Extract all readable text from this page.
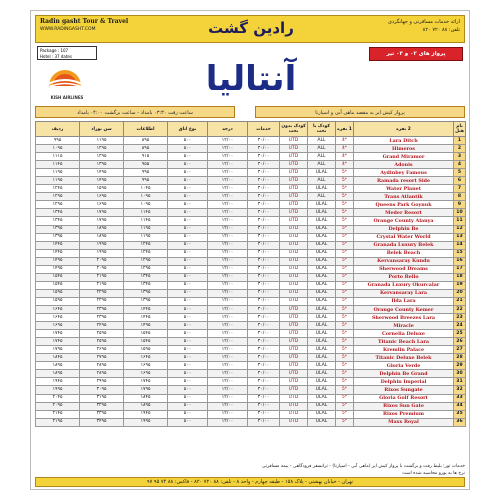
Radin gasht Tour & Travel
WWW.RADINGASHT.COM	رادین گشت	ارائه خدمات مسافرتی و جهانگردی
تلفن: ۸۸ ۷۲۰ ۸۲۰
Package : 107
Hotel : 37 dates
KISH AIRLINES
پرواز های ۰۲ و ۰۳ تیر
آنتالیا
ساعت رفت ۰۳:۳۰ بامداد - ساعت برگشت ۰۴:۰۰ بامداد	پرواز کیش ایر به مقصد ماهی آبی و اسپارتا
ردیف	سن نوزاد	اطلاعات	نوع اتاق	درجه	خدمات	کودک بدون تخت	کودک با تخت	1 نفره	2 نفره	نام هتل
۹۹۵	۱۱۹۵	۸۹۵	۵۰۰	۱۲/۰۰	۳۰/۰۰	UTD	ALL	4*	Lara Ditch	1
۱۰۹۵	۱۲۹۵	۸۹۵	۵۰۰	۱۲/۰۰	۳۰/۰۰	UTD	ALL	4*	Himeros	2
۱۱۱۵	۱۲۹۵	۹۱۵	۵۰۰	۱۲/۰۰	۳۰/۰۰	UTD	ALL	4*	Grand Miramor	3
۱۱۴۵	۱۳۹۵	۹۵۵	۵۰۰	۱۲/۰۰	۳۰/۰۰	UTD	ALL	4*	Adonis	4
۱۱۹۵	۱۴۹۵	۹۹۵	۵۰۰	۱۲/۰۰	۳۰/۰۰	UTD	ULAL	5*	Aydinbey Famous	5
۱۱۹۵	۱۴۹۵	۹۹۵	۵۰۰	۱۲/۰۰	۳۰/۰۰	UTD	ALL	5*	Ramada resort Side	6
۱۲۴۵	۱۵۹۵	۱۰۴۵	۵۰۰	۱۲/۰۰	۳۰/۰۰	UTD	ULAL	5*	Water Planet	7
۱۲۹۵	۱۶۹۵	۱۰۹۵	۵۰۰	۱۲/۰۰	۳۰/۰۰	UTD	ALL	5*	Trans Atlantik	8
۱۲۹۵	۱۶۹۵	۱۰۹۵	۵۰۰	۱۲/۰۰	۳۰/۰۰	UTD	ULAL	5*	Queens Park Goynuk	9
۱۳۴۵	۱۷۹۵	۱۱۴۵	۵۰۰	۱۲/۰۰	۳۰/۰۰	UTD	ULAL	5*	Meder Resort	10
۱۳۴۵	۱۷۹۵	۱۱۴۵	۵۰۰	۱۲/۰۰	۳۰/۰۰	UTD	ULAL	5*	Orange County Alanya	11
۱۳۹۵	۱۸۹۵	۱۱۹۵	۵۰۰	۱۲/۰۰	۳۰/۰۰	UTD	ULAL	5*	Delphin Be	12
۱۳۹۵	۱۸۹۵	۱۱۹۵	۵۰۰	۱۲/۰۰	۳۰/۰۰	UTD	ULAL	5*	Crystal Water World	13
۱۴۴۵	۱۹۹۵	۱۲۴۵	۵۰۰	۱۲/۰۰	۳۰/۰۰	UTD	ULAL	5*	Granada Luxury Belek	14
۱۴۴۵	۱۹۹۵	۱۲۴۵	۵۰۰	۱۲/۰۰	۳۰/۰۰	UTD	ULAL	5*	Belek Beach	15
۱۴۹۵	۲۰۹۵	۱۲۹۵	۵۰۰	۱۲/۰۰	۳۰/۰۰	UTD	ULAL	5*	Kervansaray Kundu	16
۱۴۹۵	۲۰۹۵	۱۲۹۵	۵۰۰	۱۲/۰۰	۳۰/۰۰	UTD	ULAL	5*	Sherwood Dreams	17
۱۵۴۵	۲۱۹۵	۱۳۴۵	۵۰۰	۱۲/۰۰	۳۰/۰۰	UTD	ULAL	5*	Porto Bello	18
۱۵۴۵	۲۱۹۵	۱۳۴۵	۵۰۰	۱۲/۰۰	۳۰/۰۰	UTD	ULAL	5*	Granada Luxury Okurcalar	19
۱۵۹۵	۲۲۹۵	۱۳۹۵	۵۰۰	۱۲/۰۰	۳۰/۰۰	UTD	ULAL	5*	Kervansaray Lara	20
۱۵۹۵	۲۲۹۵	۱۳۹۵	۵۰۰	۱۲/۰۰	۳۰/۰۰	UTD	ULAL	5*	Ilda Lara	21
۱۶۴۵	۲۳۹۵	۱۴۴۵	۵۰۰	۱۲/۰۰	۳۰/۰۰	UTD	ULAL	5*	Orange County Kemer	22
۱۶۴۵	۲۳۹۵	۱۴۴۵	۵۰۰	۱۲/۰۰	۳۰/۰۰	UTD	ULAL	5*	Sherwood Breezes Lara	23
۱۶۹۵	۲۴۹۵	۱۴۹۵	۵۰۰	۱۲/۰۰	۳۰/۰۰	UTD	ULAL	5*	Miracle	24
۱۷۴۵	۲۵۹۵	۱۵۴۵	۵۰۰	۱۲/۰۰	۳۰/۰۰	UTD	ULAL	5*	Cornelia Deluxe	25
۱۷۴۵	۲۵۹۵	۱۵۴۵	۵۰۰	۱۲/۰۰	۳۰/۰۰	UTD	ULAL	5*	Titanic Beach Lara	26
۱۷۹۵	۲۶۹۵	۱۵۹۵	۵۰۰	۱۲/۰۰	۳۰/۰۰	UTD	ULAL	5*	Kremlin Palace	27
۱۸۴۵	۲۷۹۵	۱۶۴۵	۵۰۰	۱۲/۰۰	۳۰/۰۰	UTD	ULAL	5*	Titanic Deluxe Belek	28
۱۸۹۵	۲۸۹۵	۱۶۹۵	۵۰۰	۱۲/۰۰	۳۰/۰۰	UTD	ULAL	5*	Gloria Verde	29
۱۸۹۵	۲۸۹۵	۱۶۹۵	۵۰۰	۱۲/۰۰	۳۰/۰۰	UTD	ULAL	5*	Delphin Be Grand	30
۱۹۴۵	۲۹۹۵	۱۷۴۵	۵۰۰	۱۲/۰۰	۳۰/۰۰	UTD	ULAL	5*	Delphin Imperial	31
۱۹۹۵	۳۰۹۵	۱۷۹۵	۵۰۰	۱۲/۰۰	۳۰/۰۰	UTD	ULAL	5*	Rixos Sungate	32
۲۰۴۵	۳۱۹۵	۱۸۴۵	۵۰۰	۱۲/۰۰	۳۰/۰۰	UTD	ULAL	5*	Gloria Golf Resort	33
۲۰۹۵	۳۲۹۵	۱۸۹۵	۵۰۰	۱۲/۰۰	۳۰/۰۰	UTD	ULAL	5*	Rixos Sun Gate	34
۲۱۴۵	۳۳۹۵	۱۹۴۵	۵۰۰	۱۲/۰۰	۳۰/۰۰	UTD	ULAL	5*	Rixos Premium	35
۲۱۹۵	۳۴۹۵	۱۹۹۵	۵۰۰	۱۲/۰۰	۳۰/۰۰	UTD	ULAL	5*	Maxx Royal	36
خدمات تور: بلیط رفت و برگشت با پرواز کیش ایر (ماهی آبی - اسپارتا) - ترانسفر فرودگاهی - بیمه مسافرتی
نرخ ها به یورو محاسبه شده است
تهران - خیابان بهشتی - پلاک ۱۵۸ - طبقه چهارم - واحد ۸ - تلفن: ۸۸ ۷۲۰ ۸۲۰ - فاکس: ۸۸ ۷۴ ۹۵ ۹۷
